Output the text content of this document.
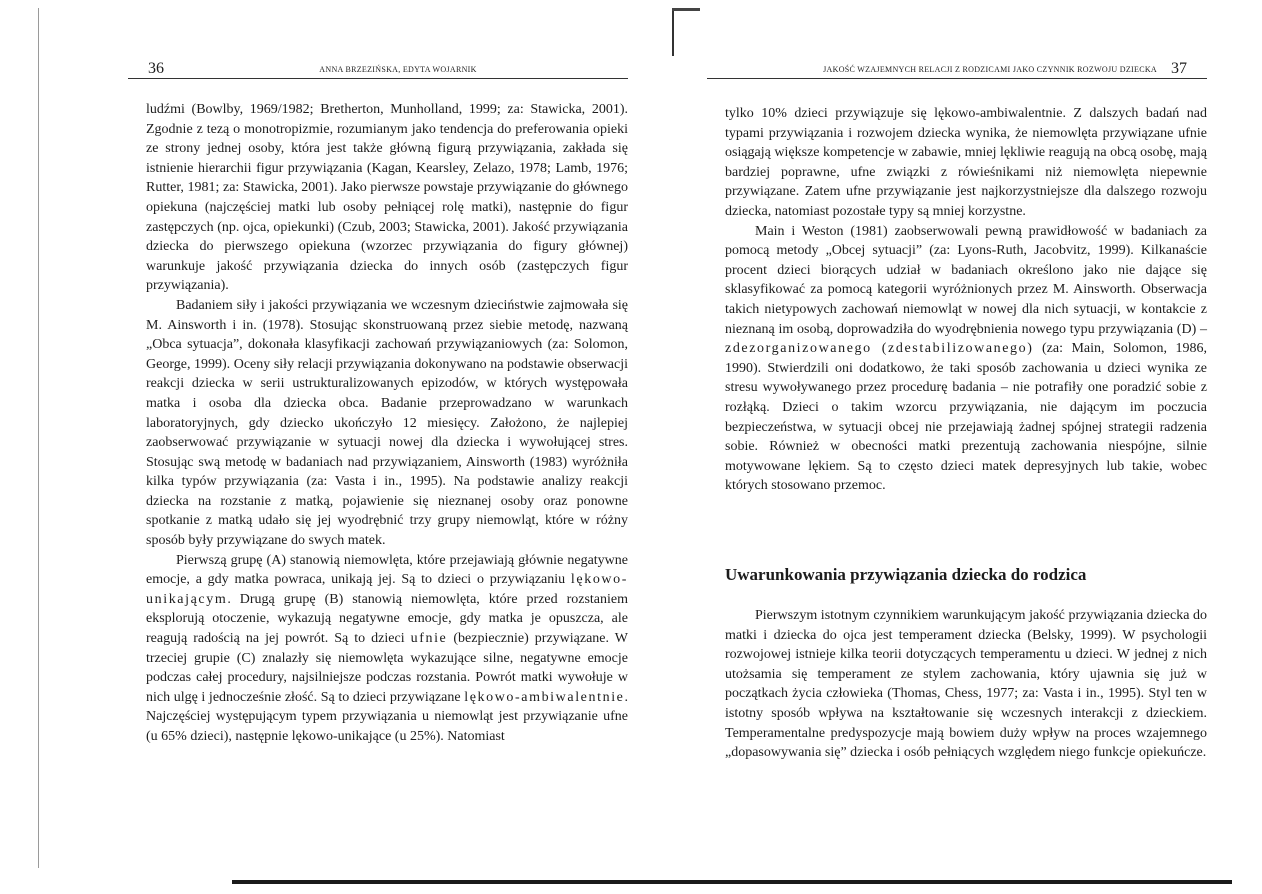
36	ANNA BRZEZIŃSKA, EDYTA WOJARNIK

ludźmi (Bowlby, 1969/1982; Bretherton, Munholland, 1999; za: Stawicka, 2001). Zgodnie z tezą o monotropizmie, rozumianym jako tendencja do preferowania opieki ze strony jednej osoby, która jest także główną figurą przywiązania, zakłada się istnienie hierarchii figur przywiązania (Kagan, Kearsley, Zelazo, 1978; Lamb, 1976; Rutter, 1981; za: Stawicka, 2001). Jako pierwsze powstaje przywiązanie do głównego opiekuna (najczęściej matki lub osoby pełniącej rolę matki), następnie do figur zastępczych (np. ojca, opiekunki) (Czub, 2003; Stawicka, 2001). Jakość przywiązania dziecka do pierwszego opiekuna (wzorzec przywiązania do figury głównej) warunkuje jakość przywiązania dziecka do innych osób (zastępczych figur przywiązania).

Badaniem siły i jakości przywiązania we wczesnym dzieciństwie zajmowała się M. Ainsworth i in. (1978). Stosując skonstruowaną przez siebie metodę, nazwaną „Obca sytuacja”, dokonała klasyfikacji zachowań przywiązaniowych (za: Solomon, George, 1999). Oceny siły relacji przywiązania dokonywano na podstawie obserwacji reakcji dziecka w serii ustrukturalizowanych epizodów, w których występowała matka i osoba dla dziecka obca. Badanie przeprowadzano w warunkach laboratoryjnych, gdy dziecko ukończyło 12 miesięcy. Założono, że najlepiej zaobserwować przywiązanie w sytuacji nowej dla dziecka i wywołującej stres. Stosując swą metodę w badaniach nad przywiązaniem, Ainsworth (1983) wyróżniła kilka typów przywiązania (za: Vasta i in., 1995). Na podstawie analizy reakcji dziecka na rozstanie z matką, pojawienie się nieznanej osoby oraz ponowne spotkanie z matką udało się jej wyodrębnić trzy grupy niemowląt, które w różny sposób były przywiązane do swych matek.

Pierwszą grupę (A) stanowią niemowlęta, które przejawiają głównie negatywne emocje, a gdy matka powraca, unikają jej. Są to dzieci o przywiązaniu lękowo-unikającym. Drugą grupę (B) stanowią niemowlęta, które przed rozstaniem eksplorują otoczenie, wykazują negatywne emocje, gdy matka je opuszcza, ale reagują radością na jej powrót. Są to dzieci ufnie (bezpiecznie) przywiązane. W trzeciej grupie (C) znalazły się niemowlęta wykazujące silne, negatywne emocje podczas całej procedury, najsilniejsze podczas rozstania. Powrót matki wywołuje w nich ulgę i jednocześnie złość. Są to dzieci przywiązane lękowo-ambiwalentnie. Najczęściej występującym typem przywiązania u niemowląt jest przywiązanie ufne (u 65% dzieci), następnie lękowo-unikające (u 25%). Natomiast

JAKOŚĆ WZAJEMNYCH RELACJI Z RODZICAMI JAKO CZYNNIK ROZWOJU DZIECKA 37

tylko 10% dzieci przywiązuje się lękowo-ambiwalentnie. Z dalszych badań nad typami przywiązania i rozwojem dziecka wynika, że niemowlęta przywiązane ufnie osiągają większe kompetencje w zabawie, mniej lękliwie reagują na obcą osobę, mają bardziej poprawne, ufne związki z rówieśnikami niż niemowlęta niepewnie przywiązane. Zatem ufne przywiązanie jest najkorzystniejsze dla dalszego rozwoju dziecka, natomiast pozostałe typy są mniej korzystne.

Main i Weston (1981) zaobserwowali pewną prawidłowość w badaniach za pomocą metody „Obcej sytuacji” (za: Lyons-Ruth, Jacobvitz, 1999). Kilkanaście procent dzieci biorących udział w badaniach określono jako nie dające się sklasyfikować za pomocą kategorii wyróżnionych przez M. Ainsworth. Obserwacja takich nietypowych zachowań niemowląt w nowej dla nich sytuacji, w kontakcie z nieznaną im osobą, doprowadziła do wyodrębnienia nowego typu przywiązania (D) – zdezorganizowanego (zdestabilizowanego) (za: Main, Solomon, 1986, 1990). Stwierdzili oni dodatkowo, że taki sposób zachowania u dzieci wynika ze stresu wywoływanego przez procedurę badania – nie potrafiły one poradzić sobie z rozłąką. Dzieci o takim wzorcu przywiązania, nie dającym im poczucia bezpieczeństwa, w sytuacji obcej nie przejawiają żadnej spójnej strategii radzenia sobie. Również w obecności matki prezentują zachowania niespójne, silnie motywowane lękiem. Są to często dzieci matek depresyjnych lub takie, wobec których stosowano przemoc.

Uwarunkowania przywiązania dziecka do rodzica

Pierwszym istotnym czynnikiem warunkującym jakość przywiązania dziecka do matki i dziecka do ojca jest temperament dziecka (Belsky, 1999). W psychologii rozwojowej istnieje kilka teorii dotyczących temperamentu u dzieci. W jednej z nich utożsamia się temperament ze stylem zachowania, który ujawnia się już w początkach życia człowieka (Thomas, Chess, 1977; za: Vasta i in., 1995). Styl ten w istotny sposób wpływa na kształtowanie się wczesnych interakcji z dzieckiem. Temperamentalne predyspozycje mają bowiem duży wpływ na proces wzajemnego „dopasowywania się” dziecka i osób pełniących względem niego funkcje opiekuńcze.
